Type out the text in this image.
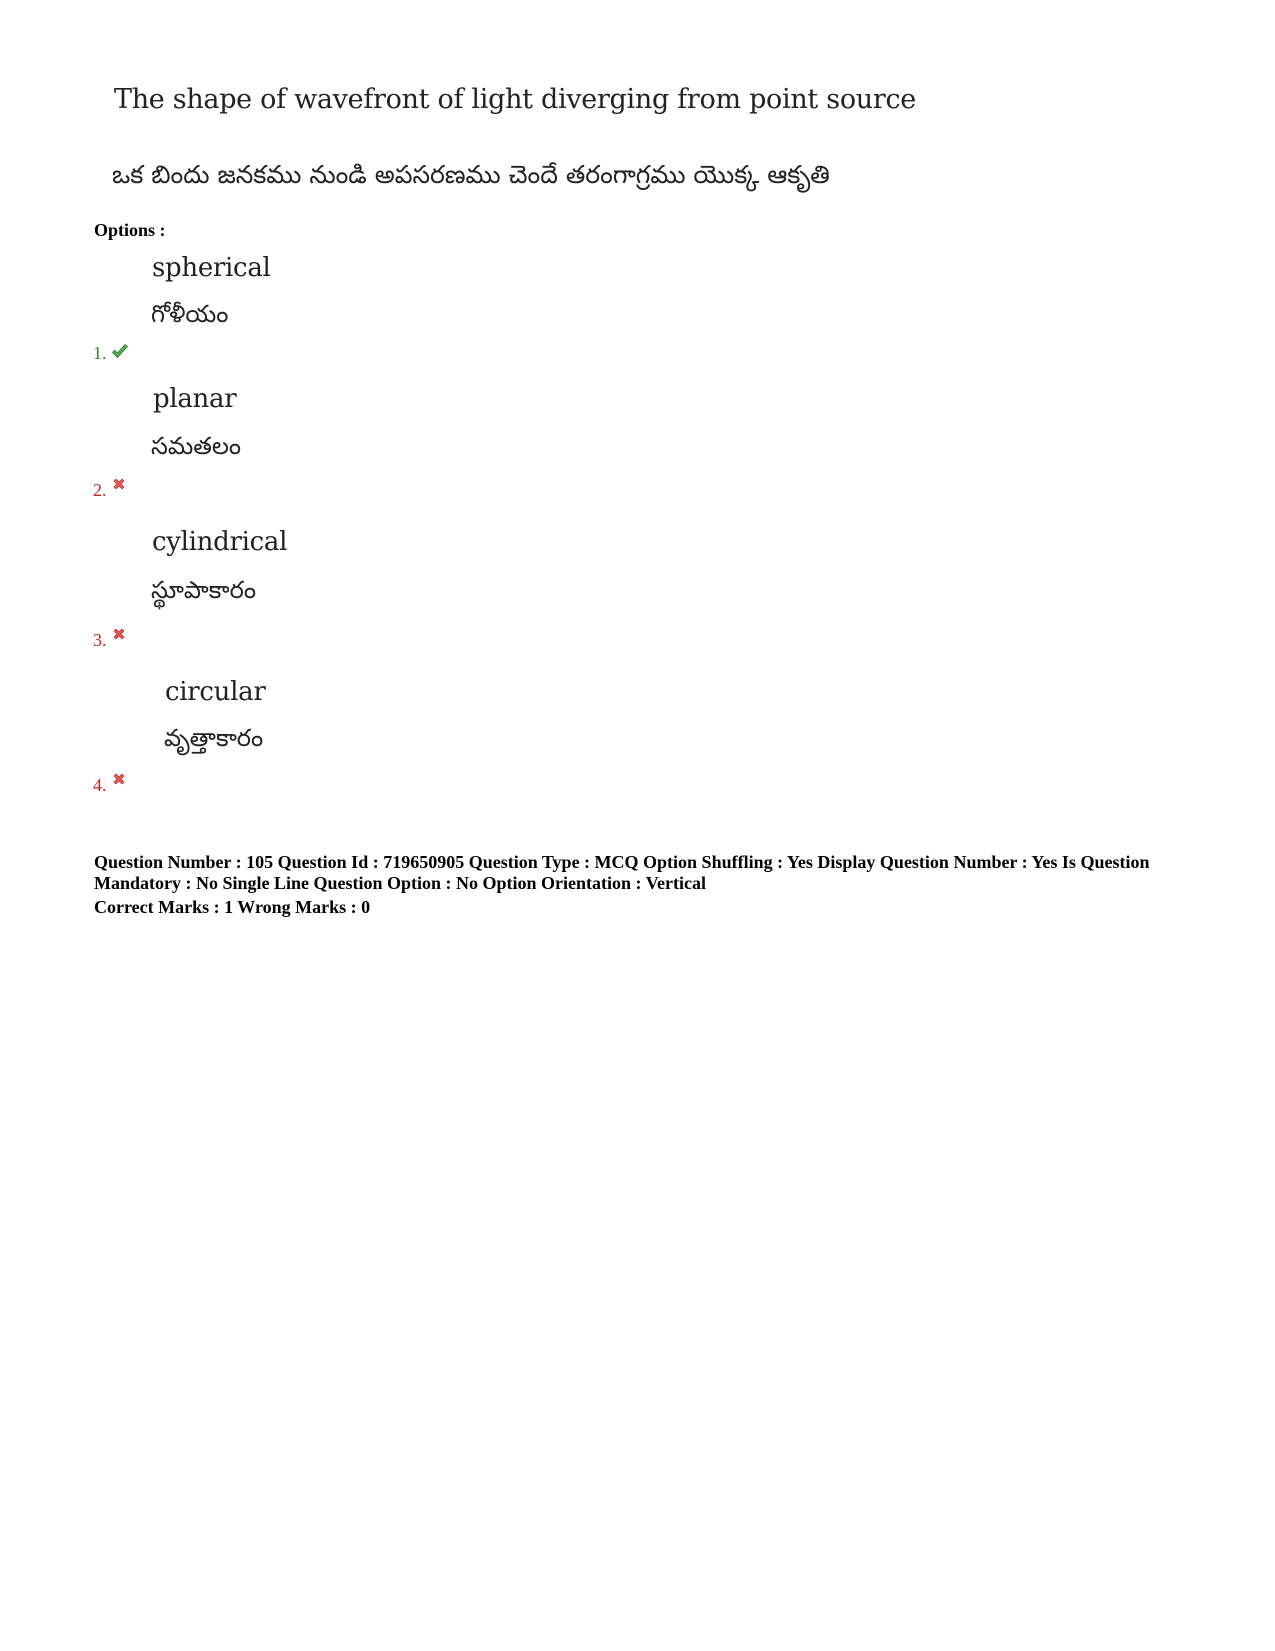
The shape of wavefront of light diverging from point source
ఒక బిందు జనకము నుండి అపసరణము చెందే తరంగాగ్రము యొక్క ఆకృతి
Options :
spherical
గోళీయం
1.
planar
సమతలం
2.
cylindrical
స్థూపాకారం
3.
circular
వృత్తాకారం
4.
Question Number : 105 Question Id : 719650905 Question Type : MCQ Option Shuffling : Yes Display Question Number : Yes Is Question
Mandatory : No Single Line Question Option : No Option Orientation : Vertical
Correct Marks : 1 Wrong Marks : 0
